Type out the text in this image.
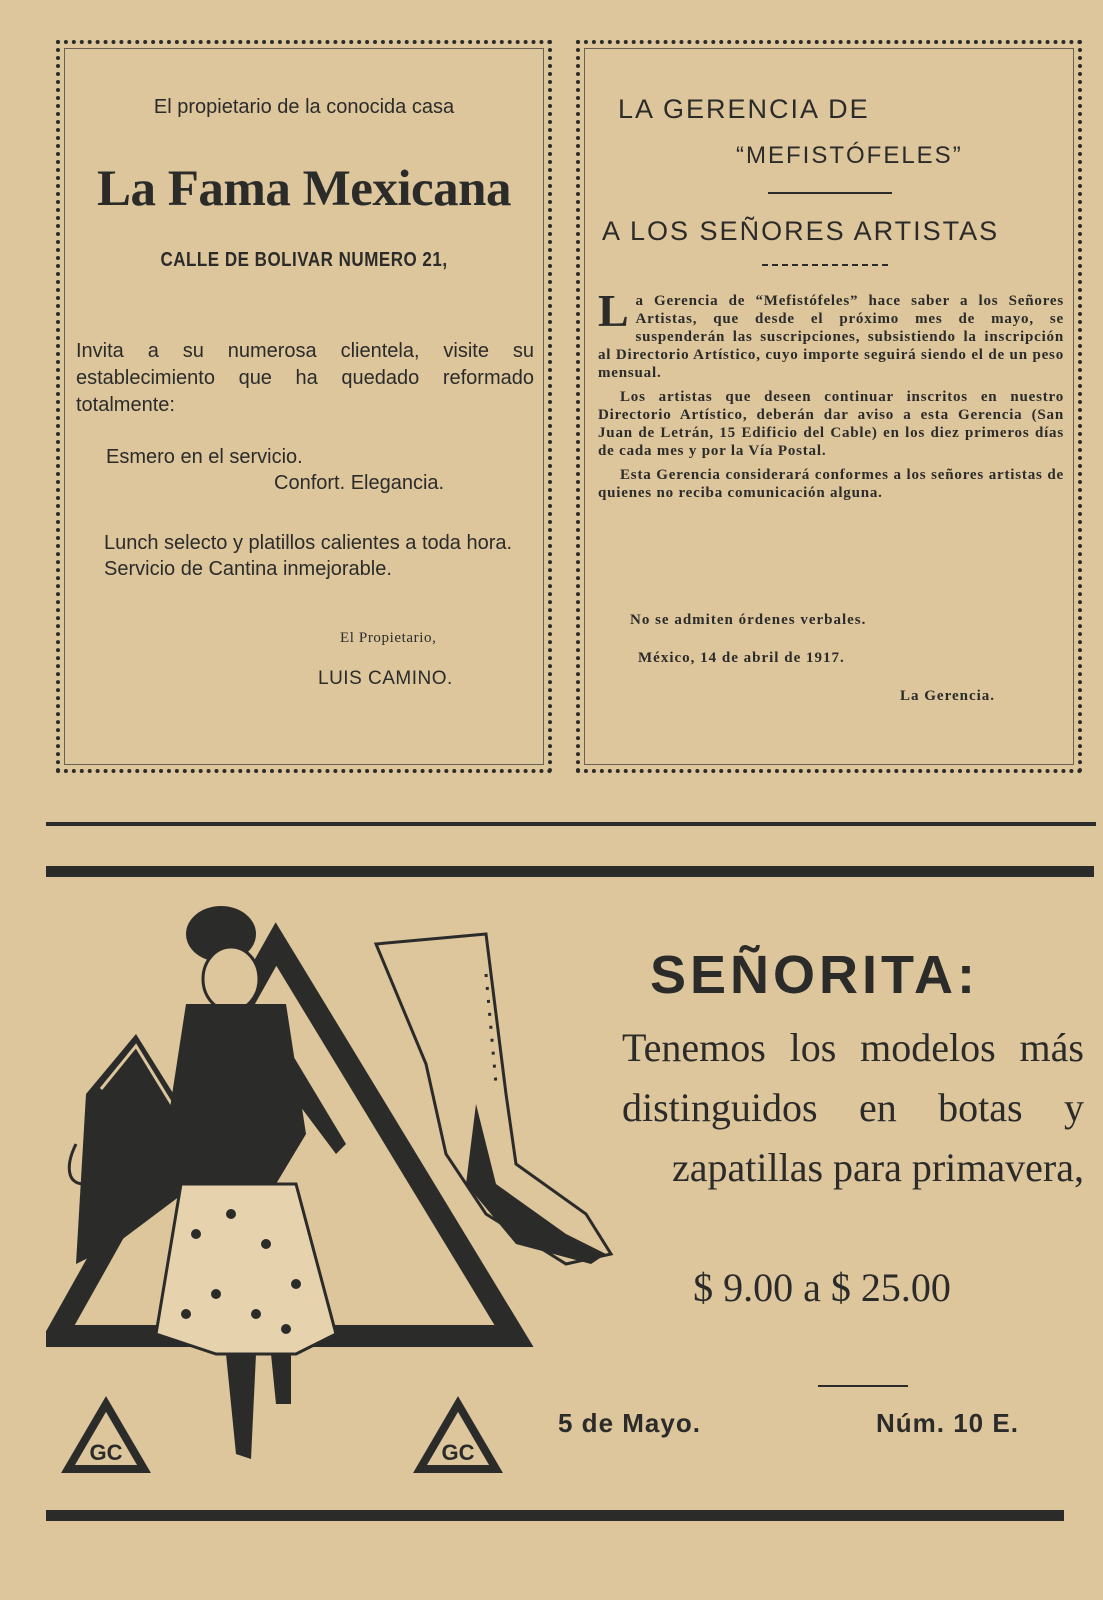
El propietario de la conocida casa
La Fama Mexicana
CALLE DE BOLIVAR NUMERO 21,
Invita a su numerosa clientela, visite su establecimiento que ha quedado reformado totalmente:
Esmero en el servicio.
Confort. Elegancia.

Lunch selecto y platillos calientes a toda hora.

Servicio de Cantina inmejorable.

El Propietario,
LUIS CAMINO.
LA GERENCIA DE
“MEFISTÓFELES”
A LOS SEÑORES ARTISTAS

La Gerencia de “Mefistófeles” hace saber a los Señores Artistas, que desde el próximo mes de mayo, se suspenderán las suscripciones, subsistiendo la inscripción al Directorio Artístico, cuyo importe seguirá siendo el de un peso mensual.

Los artistas que deseen continuar inscritos en nuestro Directorio Artístico, deberán dar aviso a esta Gerencia (San Juan de Letrán, 15 Edificio del Cable) en los diez primeros días de cada mes y por la Vía Postal.

Esta Gerencia considerará conformes a los señores artistas de quienes no reciba comunicación alguna.

No se admiten órdenes verbales.
México, 14 de abril de 1917.
La Gerencia.
GC	GC
SEÑORITA:
Tenemos los modelos más distinguidos en botas y zapatillas para primavera,
$ 9.00 a $ 25.00
5 de Mayo.	Núm. 10 E.
